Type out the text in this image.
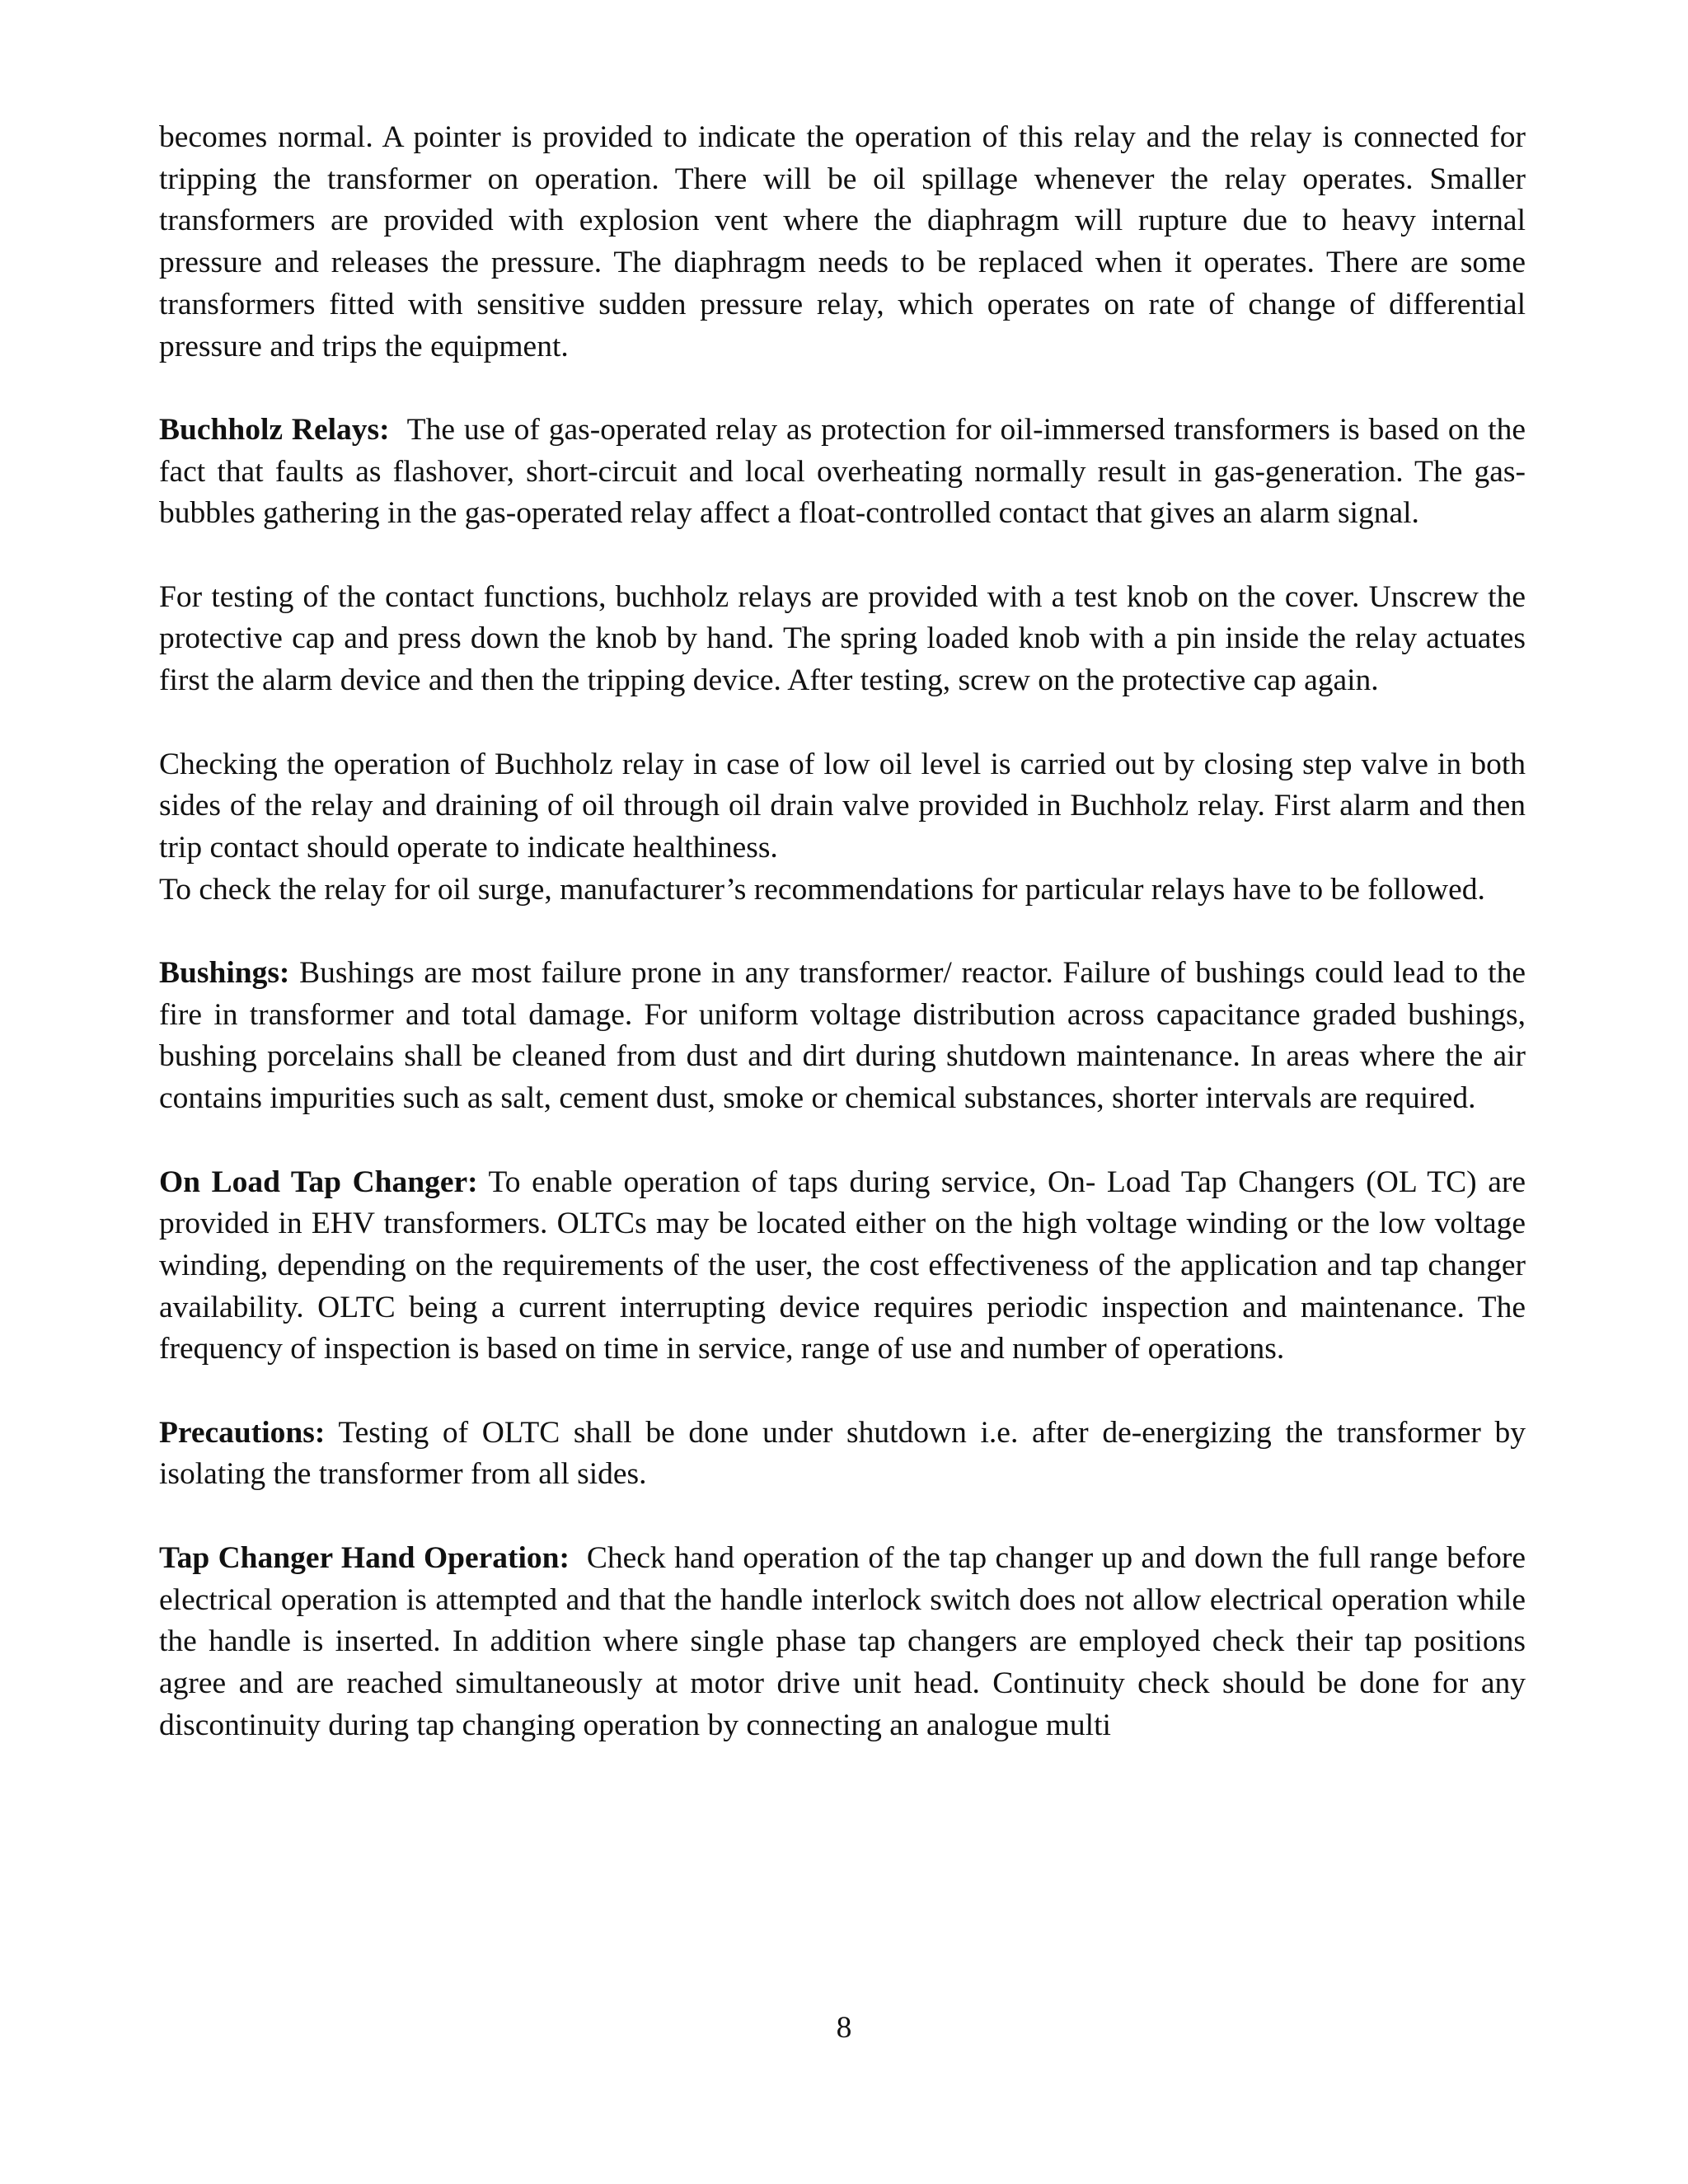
becomes normal. A pointer is provided to indicate the operation of this relay and the relay is connected for tripping the transformer on operation. There will be oil spillage whenever the relay operates. Smaller transformers are provided with explosion vent where the diaphragm will rupture due to heavy internal pressure and releases the pressure. The diaphragm needs to be replaced when it operates. There are some transformers fitted with sensitive sudden pressure relay, which operates on rate of change of differential pressure and trips the equipment.

Buchholz Relays:  The use of gas-operated relay as protection for oil-immersed transformers is based on the fact that faults as flashover, short-circuit and local overheating normally result in gas-generation. The gas-bubbles gathering in the gas-operated relay affect a float-controlled contact that gives an alarm signal.

For testing of the contact functions, buchholz relays are provided with a test knob on the cover. Unscrew the protective cap and press down the knob by hand. The spring loaded knob with a pin inside the relay actuates first the alarm device and then the tripping device. After testing, screw on the protective cap again.

Checking the operation of Buchholz relay in case of low oil level is carried out by closing step valve in both sides of the relay and draining of oil through oil drain valve provided in Buchholz relay. First alarm and then trip contact should operate to indicate healthiness.

To check the relay for oil surge, manufacturer’s recommendations for particular relays have to be followed.

Bushings: Bushings are most failure prone in any transformer/ reactor. Failure of bushings could lead to the fire in transformer and total damage. For uniform voltage distribution across capacitance graded bushings, bushing porcelains shall be cleaned from dust and dirt during shutdown maintenance. In areas where the air contains impurities such as salt, cement dust, smoke or chemical substances, shorter intervals are required.

On Load Tap Changer: To enable operation of taps during service, On- Load Tap Changers (OL TC) are provided in EHV transformers. OLTCs may be located either on the high voltage winding or the low voltage winding, depending on the requirements of the user, the cost effectiveness of the application and tap changer availability. OLTC being a current interrupting device requires periodic inspection and maintenance. The frequency of inspection is based on time in service, range of use and number of operations.

Precautions: Testing of OLTC shall be done under shutdown i.e. after de-energizing the transformer by isolating the transformer from all sides.

Tap Changer Hand Operation:  Check hand operation of the tap changer up and down the full range before electrical operation is attempted and that the handle interlock switch does not allow electrical operation while the handle is inserted. In addition where single phase tap changers are employed check their tap positions agree and are reached simultaneously at motor drive unit head. Continuity check should be done for any discontinuity during tap changing operation by connecting an analogue multi

8
